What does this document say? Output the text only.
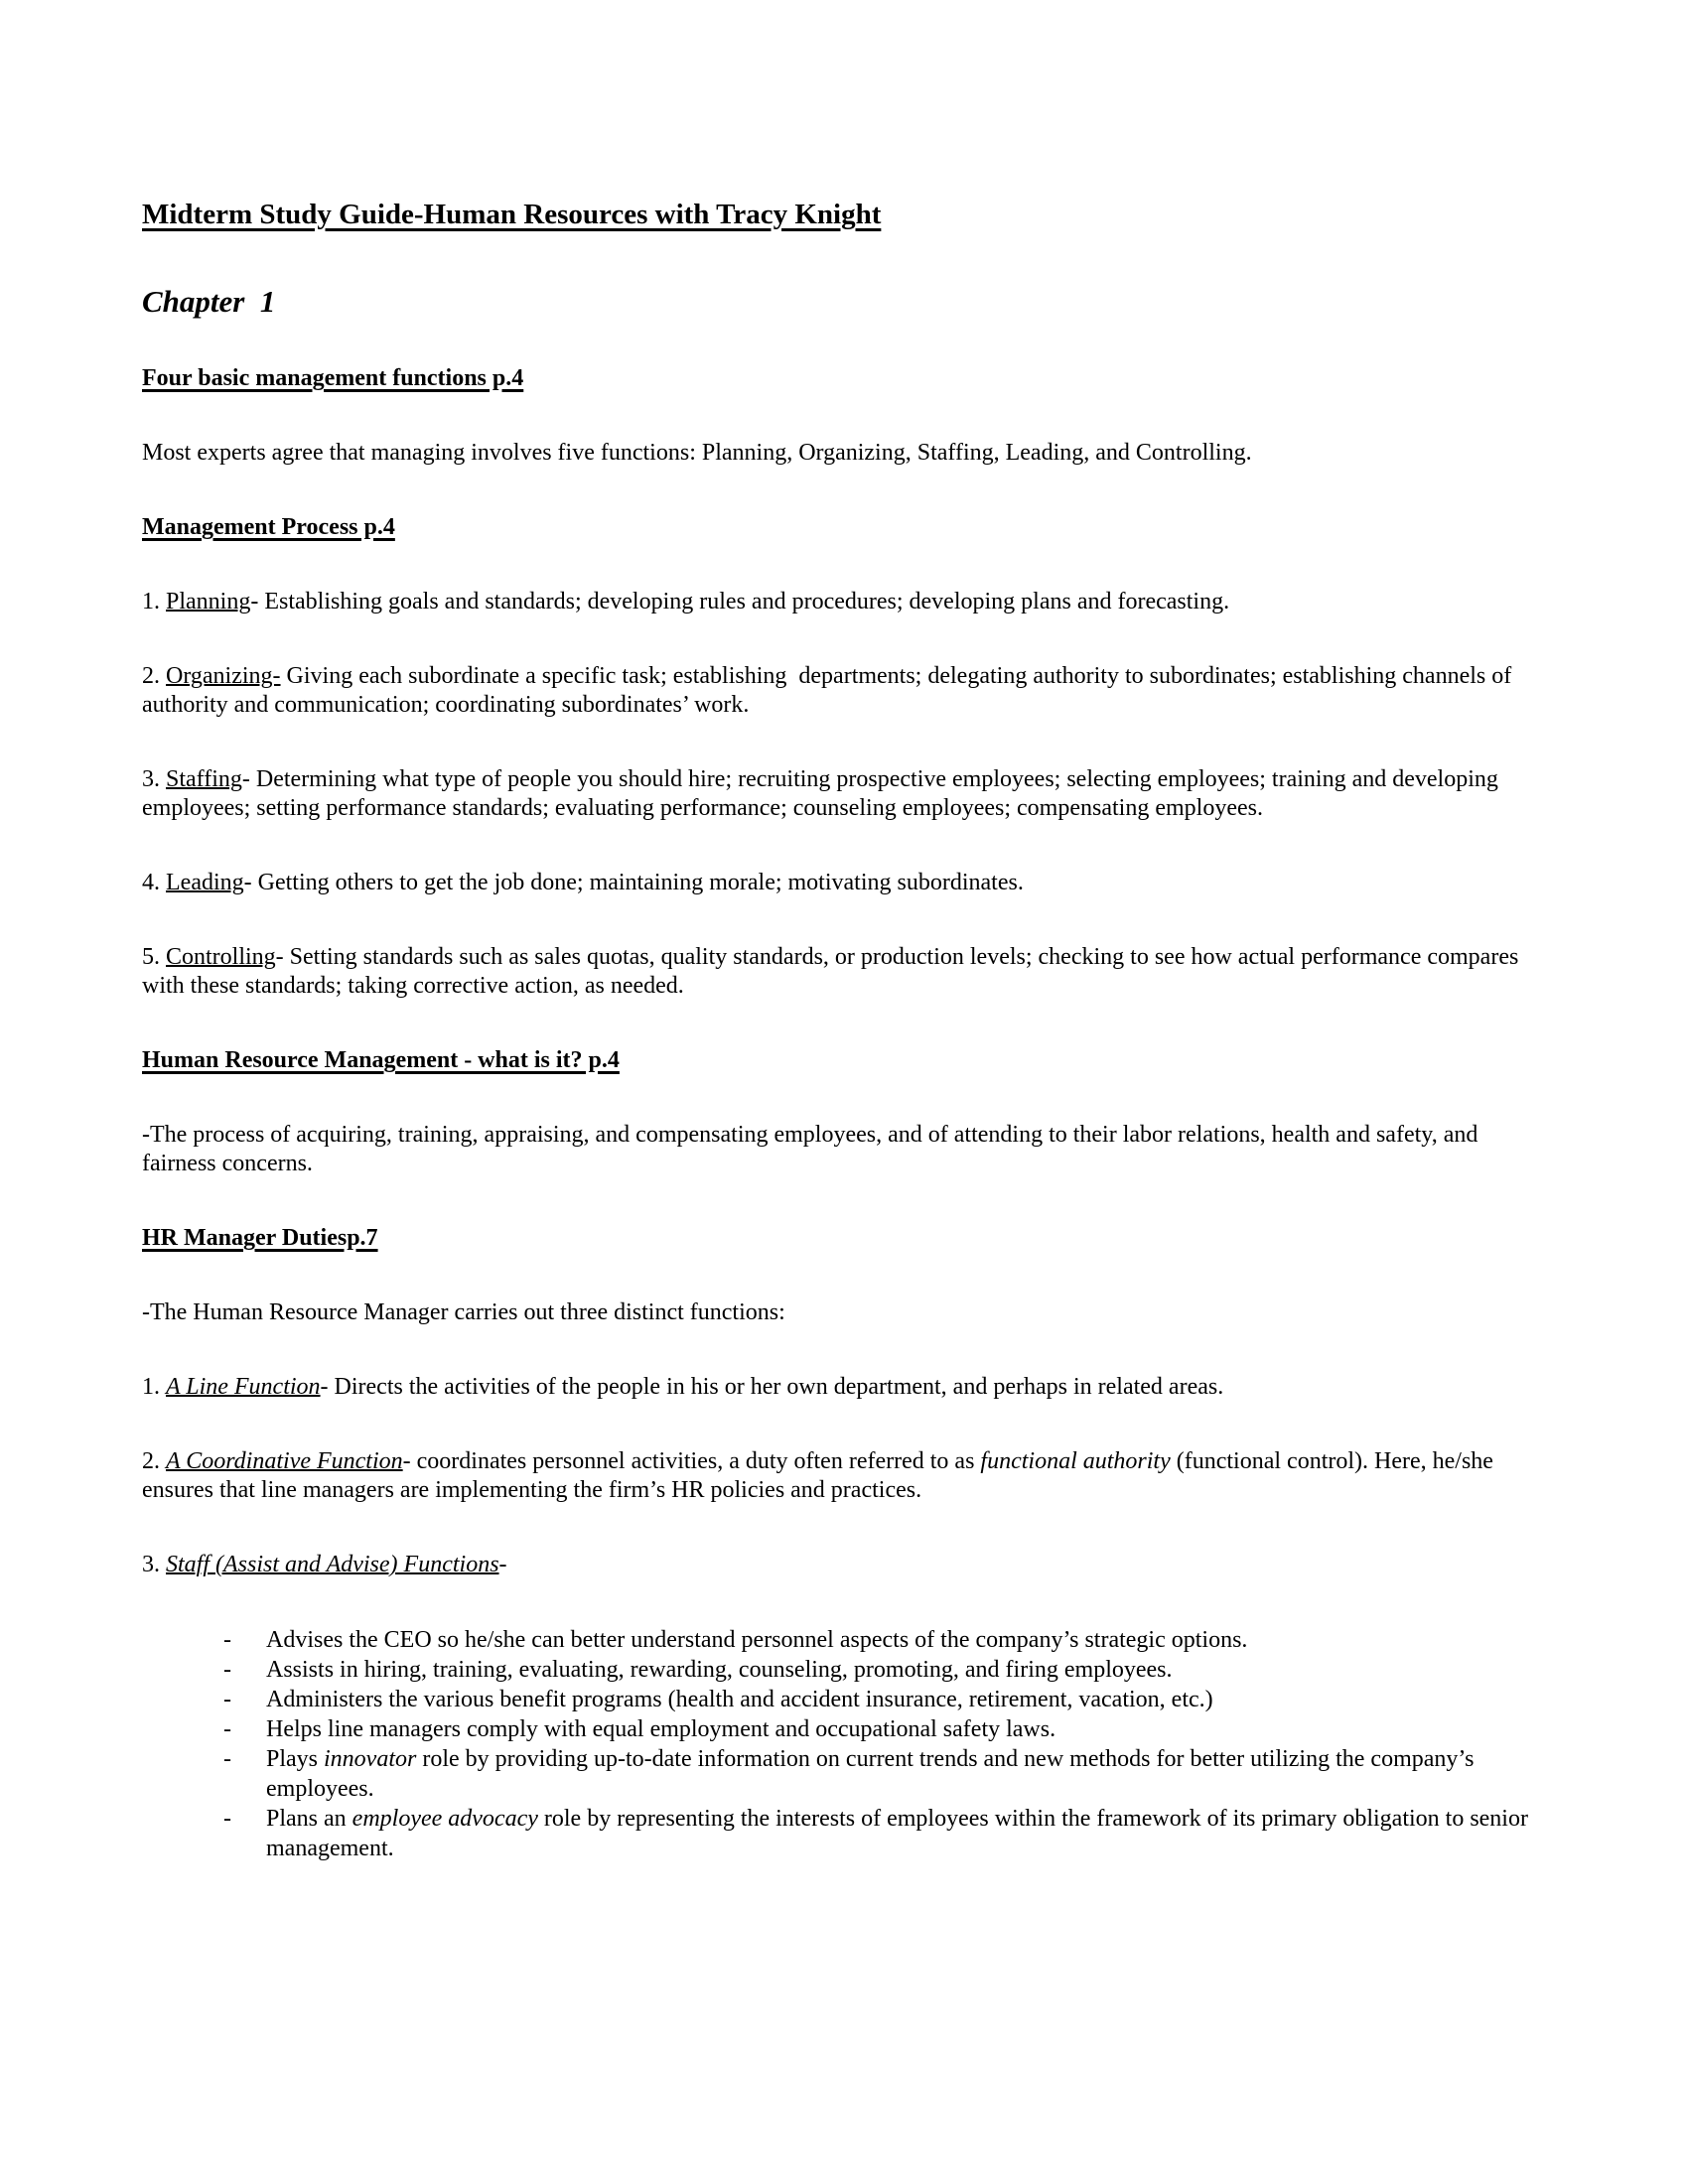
Midterm Study Guide-Human Resources with Tracy Knight
Chapter  1
Four basic management functions p.4

Most experts agree that managing involves five functions: Planning, Organizing, Staffing, Leading, and Controlling.

Management Process p.4

1. Planning- Establishing goals and standards; developing rules and procedures; developing plans and forecasting.

2. Organizing- Giving each subordinate a specific task; establishing  departments; delegating authority to subordinates; establishing channels of authority and communication; coordinating subordinates’ work.

3. Staffing- Determining what type of people you should hire; recruiting prospective employees; selecting employees; training and developing employees; setting performance standards; evaluating performance; counseling employees; compensating employees.

4. Leading- Getting others to get the job done; maintaining morale; motivating subordinates.

5. Controlling- Setting standards such as sales quotas, quality standards, or production levels; checking to see how actual performance compares with these standards; taking corrective action, as needed.

Human Resource Management - what is it? p.4

-The process of acquiring, training, appraising, and compensating employees, and of attending to their labor relations, health and safety, and fairness concerns.

HR Manager Dutiesp.7

-The Human Resource Manager carries out three distinct functions:

1. A Line Function- Directs the activities of the people in his or her own department, and perhaps in related areas.

2. A Coordinative Function- coordinates personnel activities, a duty often referred to as functional authority (functional control). Here, he/she ensures that line managers are implementing the firm’s HR policies and practices.

3. Staff (Assist and Advise) Functions-

-	Advises the CEO so he/she can better understand personnel aspects of the company’s strategic options.
-	Assists in hiring, training, evaluating, rewarding, counseling, promoting, and firing employees.
-	Administers the various benefit programs (health and accident insurance, retirement, vacation, etc.)
-	Helps line managers comply with equal employment and occupational safety laws.
-	Plays innovator role by providing up-to-date information on current trends and new methods for better utilizing the company’s employees.
-	Plans an employee advocacy role by representing the interests of employees within the framework of its primary obligation to senior management.
